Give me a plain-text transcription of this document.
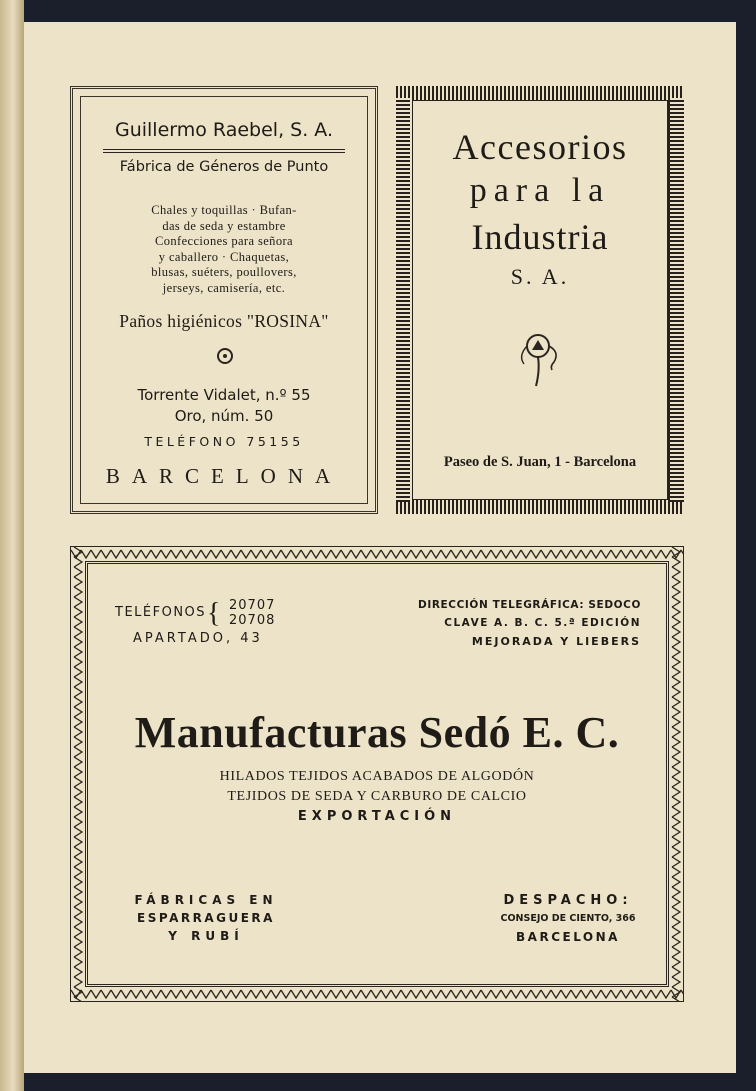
Guillermo Raebel, S. A.
Fábrica de Géneros de Punto
Chales y toquillas · Bufan-
das de seda y estambre
Confecciones para señora
y caballero · Chaquetas,
blusas, suéters, poullovers,
jerseys, camisería, etc.
Paños higiénicos "ROSINA"
Torrente Vidalet, n.º 55
Oro, núm. 50
TELÉFONO 75155
BARCELONA
Accesorios
para la
Industria
S. A.
Paseo de S. Juan, 1 - Barcelona
TELÉFONOS { 20707
20708
APARTADO, 43
DIRECCIÓN TELEGRÁFICA: SEDOCO
CLAVE A. B. C. 5.ª EDICIÓN
MEJORADA Y LIEBERS
Manufacturas Sedó E. C.
HILADOS TEJIDOS ACABADOS DE ALGODÓN
TEJIDOS DE SEDA Y CARBURO DE CALCIO
EXPORTACIÓN
FÁBRICAS EN
ESPARRAGUERA
Y RUBÍ
DESPACHO:
CONSEJO DE CIENTO, 366
BARCELONA
